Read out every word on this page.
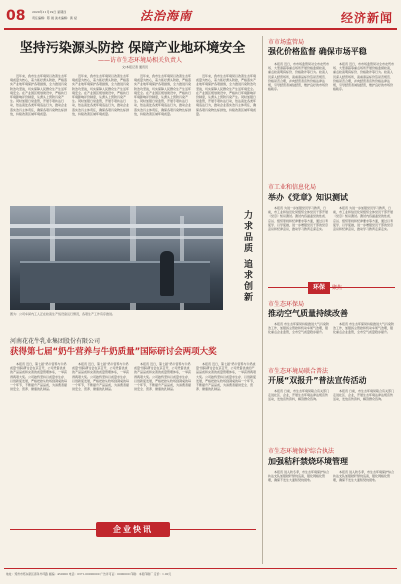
08 2020年11月19日 星期四
责任编辑：陈 晨 美术编辑：黄 斌	法治海南	经济新闻
坚持污染源头防控 保障产业地环境安全
——访市生态环境局相关负责人
文/本报记者 通讯员

近年来，我市生态环境局以改善生态环境质量为核心，着力抓好源头防控，严格落实产业地环境保护各项措施，全力推进污染防治攻坚战，切实保障人民群众生产生活环境安全。在产业园区规划建设中，严格执行环境影响评价制度，从源头上预防污染产生。同时加强日常监管，开展专项执法行动，依法查处各类环境违法行为，推动企业落实治污主体责任，确保各项污染物达标排放，持续改善区域环境质量。

近年来，我市生态环境局以改善生态环境质量为核心，着力抓好源头防控，严格落实产业地环境保护各项措施，全力推进污染防治攻坚战，切实保障人民群众生产生活环境安全。在产业园区规划建设中，严格执行环境影响评价制度，从源头上预防污染产生。同时加强日常监管，开展专项执法行动，依法查处各类环境违法行为，推动企业落实治污主体责任，确保各项污染物达标排放，持续改善区域环境质量。

近年来，我市生态环境局以改善生态环境质量为核心，着力抓好源头防控，严格落实产业地环境保护各项措施，全力推进污染防治攻坚战，切实保障人民群众生产生活环境安全。在产业园区规划建设中，严格执行环境影响评价制度，从源头上预防污染产生。同时加强日常监管，开展专项执法行动，依法查处各类环境违法行为，推动企业落实治污主体责任，确保各项污染物达标排放，持续改善区域环境质量。

近年来，我市生态环境局以改善生态环境质量为核心，着力抓好源头防控，严格落实产业地环境保护各项措施，全力推进污染防治攻坚战，切实保障人民群众生产生活环境安全。在产业园区规划建设中，严格执行环境影响评价制度，从源头上预防污染产生。同时加强日常监管，开展专项执法行动，依法查处各类环境违法行为，推动企业落实治污主体责任，确保各项污染物达标排放，持续改善区域环境质量。

力求品质 追求创新
图为：公司车间内工人正在检查生产线设备运行情况，各项生产工作有序推进。
河南花花牛乳业集团股份有限公司
获得第七届“奶牛营养与牛奶质量”国际研讨会两项大奖

本报讯 近日，第七届“奶牛营养与牛奶质量”国际研讨会在京召开，公司凭借优质的产品品质和完善的质量管理体系，一举获得两项大奖。公司始终坚持以质量求生存、以创新促发展，严格把控从牧场到餐桌的每一个环节，不断提升产品品质，为消费者提供安全、营养、健康的乳制品。

本报讯 近日，第七届“奶牛营养与牛奶质量”国际研讨会在京召开，公司凭借优质的产品品质和完善的质量管理体系，一举获得两项大奖。公司始终坚持以质量求生存、以创新促发展，严格把控从牧场到餐桌的每一个环节，不断提升产品品质，为消费者提供安全、营养、健康的乳制品。

本报讯 近日，第七届“奶牛营养与牛奶质量”国际研讨会在京召开，公司凭借优质的产品品质和完善的质量管理体系，一举获得两项大奖。公司始终坚持以质量求生存、以创新促发展，严格把控从牧场到餐桌的每一个环节，不断提升产品品质，为消费者提供安全、营养、健康的乳制品。

本报讯 近日，第七届“奶牛营养与牛奶质量”国际研讨会在京召开，公司凭借优质的产品品质和完善的质量管理体系，一举获得两项大奖。公司始终坚持以质量求生存、以创新促发展，严格把控从牧场到餐桌的每一个环节，不断提升产品品质，为消费者提供安全、营养、健康的乳制品。

企业快讯
市市场监管局
强化价格监督 确保市场平稳

本报讯 近日，市市场监管局对全市农贸市场、大型商超等重点场所开展价格监督检查，重点检查明码标价、价格欺诈等行为。检查人员深入经营场所，查看商品标价签是否规范、价格是否合理，并向经营者宣传价格法律法规，引导经营者诚信经营，维护良好的市场价格秩序。

本报讯 近日，市市场监管局对全市农贸市场、大型商超等重点场所开展价格监督检查，重点检查明码标价、价格欺诈等行为。检查人员深入经营场所，查看商品标价签是否规范、价格是否合理，并向经营者宣传价格法律法规，引导经营者诚信经营，维护良好的市场价格秩序。

市工业和信息化局
举办《党章》知识测试

本报讯 为进一步加强党员学习教育，日前，市工业和信息化局组织全体党员干部开展《党章》知识测试。测试内容涵盖党的性质、宗旨、组织原则和纪律要求等方面，通过以考促学、以学促做，进一步增强党员干部的党章意识和纪律意识，推动学习教育走深走实。

本报讯 为进一步加强党员学习教育，日前，市工业和信息化局组织全体党员干部开展《党章》知识测试。测试内容涵盖党的性质、宗旨、组织原则和纪律要求等方面，通过以考促学、以学促做，进一步增强党员干部的党章意识和纪律意识，推动学习教育走深走实。

环保	聚焦
市生态环保局
推动空气质量持续改善

本报讯 市生态环保局持续推进大气污染防治工作，加强扬尘管控和机动车尾气治理，强化重点企业监管，全市空气质量稳步提升。

本报讯 市生态环保局持续推进大气污染防治工作，加强扬尘管控和机动车尾气治理，强化重点企业监管，全市空气质量稳步提升。

市生态环境局联合普法
开展“双报升”普法宣传活动

本报讯 日前，市生态环境局联合有关部门走进社区、企业，开展生态环境法律法规宣传活动，发放宣传资料，解答群众咨询。

本报讯 日前，市生态环境局联合有关部门走进社区、企业，开展生态环境法律法规宣传活动，发放宣传资料，解答群众咨询。

市生态环境保护综合执法
加强秸秆禁烧环境管理

本报讯 进入秋冬季，市生态环境保护综合执法支队加强秸秆禁烧巡查，强化网格化管理，确保不发生大面积焚烧现象。

本报讯 进入秋冬季，市生态环境保护综合执法支队加强秸秆禁烧巡查，强化网格化管理，确保不发生大面积焚烧现象。

地址：郑州市郑东新区商务外环路 邮编：450000 电话：0371-00000000 广告许可证：0000000 印刷：本报印刷厂 定价：1.00元
